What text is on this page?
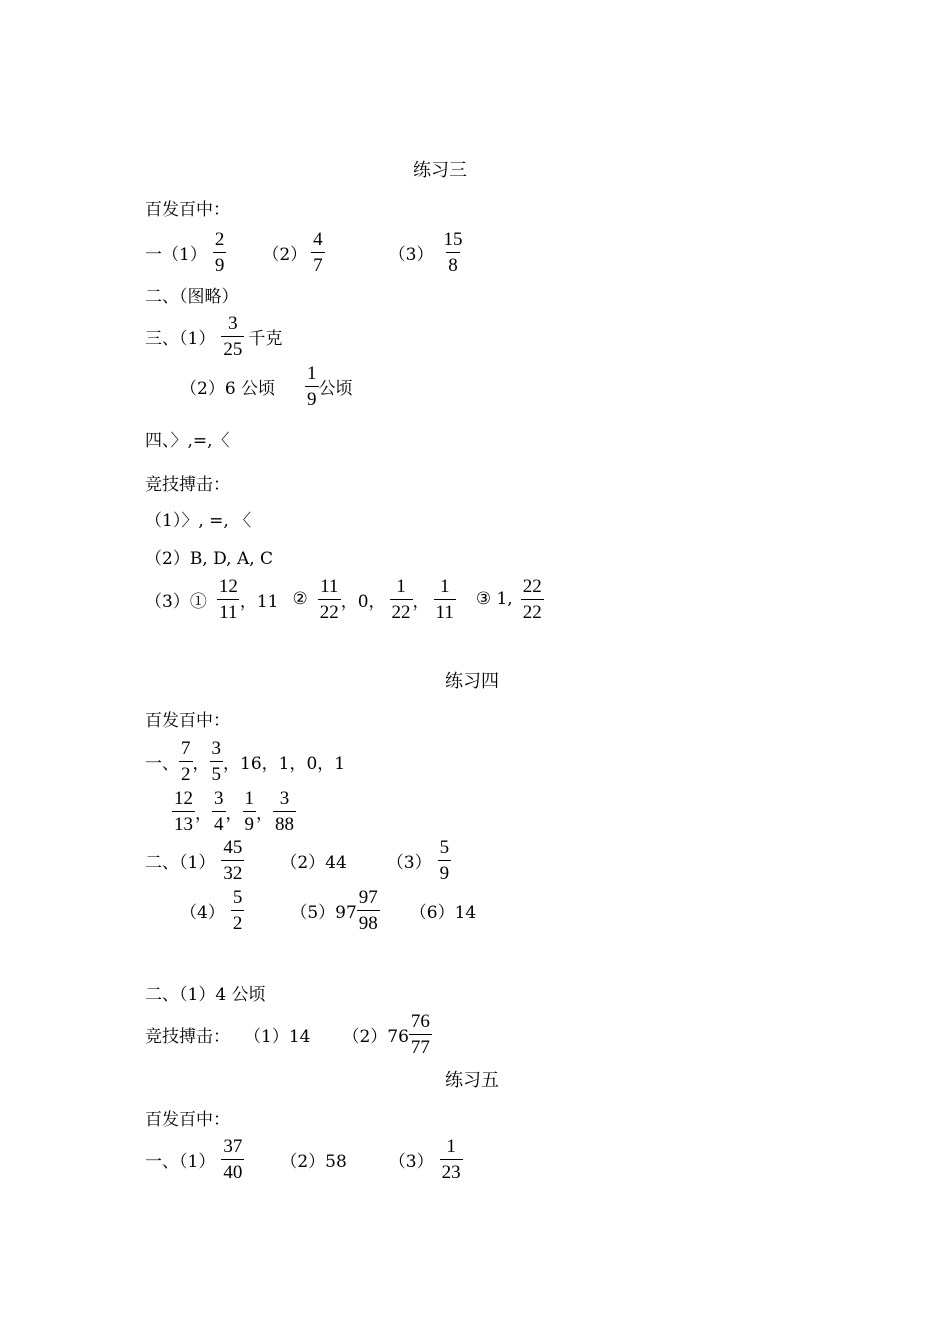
练习三
百发百中：
一$(1) \frac{2}{9} (2) \frac{4}{7}$	$(3) \frac{15}{8}$
二、（图略）
三、$(1) \frac{3}{25}$ 千克
（2）6 公顷 $\frac{1}{9}$ 公顷
四、〉,=,〈
竞技搏击：
（1）〉, =, 〈
（2）B, D, A, C
（3）① $\frac{12}{11}$ ，11 ② $\frac{11}{22}$ ，0， $\frac{1}{22}$ ， $\frac{1}{11}$ ③ 1, $\frac{22}{22}$
练习四
百发百中：
一、 $\frac{7}{2}$ ， $\frac{3}{5}$ ，16，1，0，1
$\frac{12}{13}$ ， $\frac{3}{4}$ ， $\frac{1}{9}$ ， $\frac{3}{88}$
二、$(1) \frac{45}{32} (2)44$ $(3) \frac{5}{9}$
$(4) \frac{5}{2}$	$(5)97 \frac{97}{98} (6)14$
二、（1）4 公顷
竞技搏击： （1）14 $(2)76 \frac{76}{77}$
练习五
百发百中：
一、$(1) \frac{37}{40} (2)58$ $(3) \frac{1}{23}$
